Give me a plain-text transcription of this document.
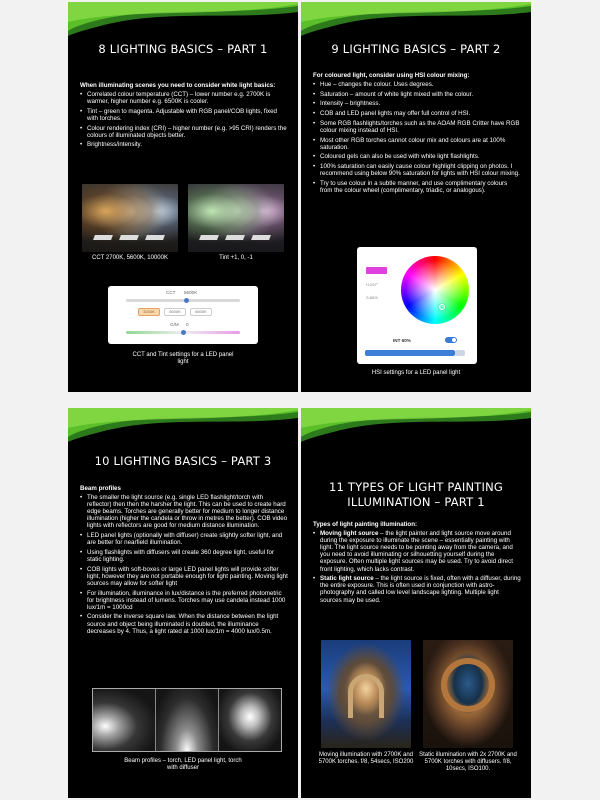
8 LIGHTING BASICS – PART 1
When illuminating scenes you need to consider white light basics:
• Correlated colour temperature (CCT) – lower number e.g. 2700K is warmer, higher number e.g. 6500K is cooler.
• Tint – green to magenta. Adjustable with RGB panel/COB lights, fixed with torches.
• Colour rendering index (CRI) – higher number (e.g. >95 CRI) renders the colours of illuminated objects better.
• Brightness/intensity.
CCT 2700K, 5600K, 10000K	Tint +1, 0, -1
CCT 5600K
3200K	5600K	6500K
G/M 0
CCT and Tint settings for a LED panel light
9 LIGHTING BASICS – PART 2
For coloured light, consider using HSI colour mixing:
• Hue – changes the colour. Uses degrees.
• Saturation – amount of white light mixed with the colour.
• Intensity – brightness.
• COB and LED panel lights may offer full control of HSI.
• Some RGB flashlights/torches such as the AOAM RGB Critter have RGB colour mixing instead of HSI.
• Most other RGB torches cannot colour mix and colours are at 100% saturation.
• Coloured gels can also be used with white light flashlights.
• 100% saturation can easily cause colour highlight clipping on photos. I recommend using below 90% saturation for lights with HSI colour mixing.
• Try to use colour in a subtle manner, and use complimentary colours from the colour wheel (complimentary, triadic, or analogous).
H:297°
S:85%
INT 60%
HSI settings for a LED panel light
10 LIGHTING BASICS – PART 3
Beam profiles
• The smaller the light source (e.g. single LED flashlight/torch with reflector) then then the harsher the light. This can be used to create hard edge beams. Torches are generally better for medium to longer distance illumination (higher the candela or throw in metres the better). COB video lights with reflectors are good for medium distance illumination.
• LED panel lights (optionally with diffuser) create slightly softer light, and are better for nearfield illumination.
• Using flashlights with diffusers will create 360 degree light, useful for static lighting.
• COB lights with soft-boxes or large LED panel lights will provide softer light, however they are not portable enough for light painting. Moving light sources may allow for softer light
• For illumination, illuminance in lux/distance is the preferred photometric for brightness instead of lumens. Torches may use candela instead 1000 lux/1m = 1000cd
• Consider the inverse square law. When the distance between the light source and object being illuminated is doubled, the illuminance decreases by 4. Thus, a light rated at 1000 lux/1m = 4000 lux/0.5m.
Beam profiles – torch, LED panel light, torch with diffuser
11 TYPES OF LIGHT PAINTING ILLUMINATION – PART 1
Types of light painting illumination:
• Moving light source – the light painter and light source move around during the exposure to illuminate the scene – essentially painting with light. The light source needs to be pointing away from the camera, and you need to avoid illuminating or silhouetting yourself during the exposure. Often multiple light sources may be used. Try to avoid direct front lighting, which lacks contrast.
• Static light source – the light source is fixed, often with a diffuser, during the entire exposure. This is often used in conjunction with astro-photography and called low level landscape lighting. Multiple light sources may be used.
Moving illumination with 2700K and 5700K torches. f/8, 54secs, ISO200
Static illumination with 2x 2700K and 5700K torches with diffusers. f/8, 10secs, ISO100.
